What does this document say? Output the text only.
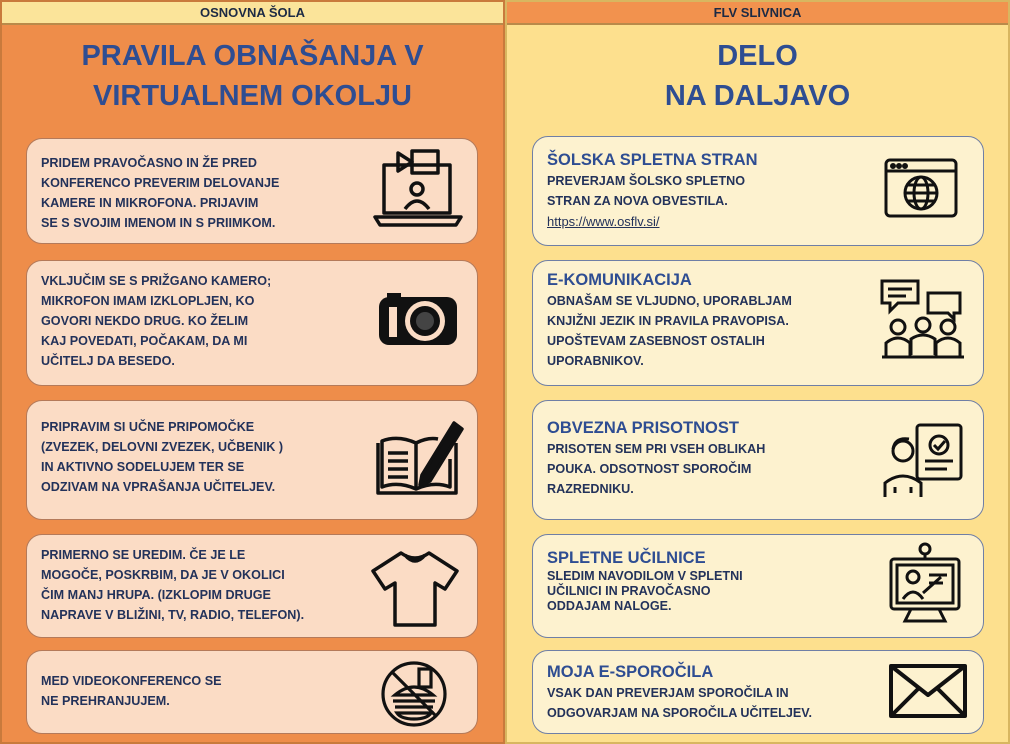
OSNOVNA ŠOLA
PRAVILA OBNAŠANJA V
VIRTUALNEM OKOLJU
PRIDEM PRAVOČASNO IN ŽE PRED
KONFERENCO PREVERIM DELOVANJE
KAMERE IN MIKROFONA. PRIJAVIM
SE S SVOJIM IMENOM IN S PRIIMKOM.
VKLJUČIM SE S PRIŽGANO KAMERO;
MIKROFON IMAM IZKLOPLJEN, KO
GOVORI NEKDO DRUG. KO ŽELIM
KAJ POVEDATI, POČAKAM, DA MI
UČITELJ DA BESEDO.
PRIPRAVIM SI UČNE PRIPOMOČKE
(ZVEZEK, DELOVNI ZVEZEK, UČBENIK )
IN AKTIVNO SODELUJEM TER SE
ODZIVAM NA VPRAŠANJA UČITELJEV.
PRIMERNO SE UREDIM. ČE JE LE
MOGOČE, POSKRBIM, DA JE V OKOLICI
ČIM MANJ HRUPA. (IZKLOPIM DRUGE
NAPRAVE V BLIŽINI, TV, RADIO, TELEFON).
MED VIDEOKONFERENCO SE
NE PREHRANJUJEM.
FLV SLIVNICA
DELO
NA DALJAVO
ŠOLSKA SPLETNA STRAN
PREVERJAM ŠOLSKO SPLETNO
STRAN ZA NOVA OBVESTILA.
https://www.osflv.si/
E-KOMUNIKACIJA
OBNAŠAM SE VLJUDNO, UPORABLJAM
KNJIŽNI JEZIK IN PRAVILA PRAVOPISA.
UPOŠTEVAM ZASEBNOST OSTALIH
UPORABNIKOV.
OBVEZNA PRISOTNOST
PRISOTEN SEM PRI VSEH OBLIKAH
POUKA. ODSOTNOST SPOROČIM
RAZREDNIKU.
SPLETNE UČILNICE
SLEDIM NAVODILOM V SPLETNI
UČILNICI IN PRAVOČASNO
ODDAJAM NALOGE.
MOJA E-SPOROČILA
VSAK DAN PREVERJAM SPOROČILA IN
ODGOVARJAM NA SPOROČILA UČITELJEV.
